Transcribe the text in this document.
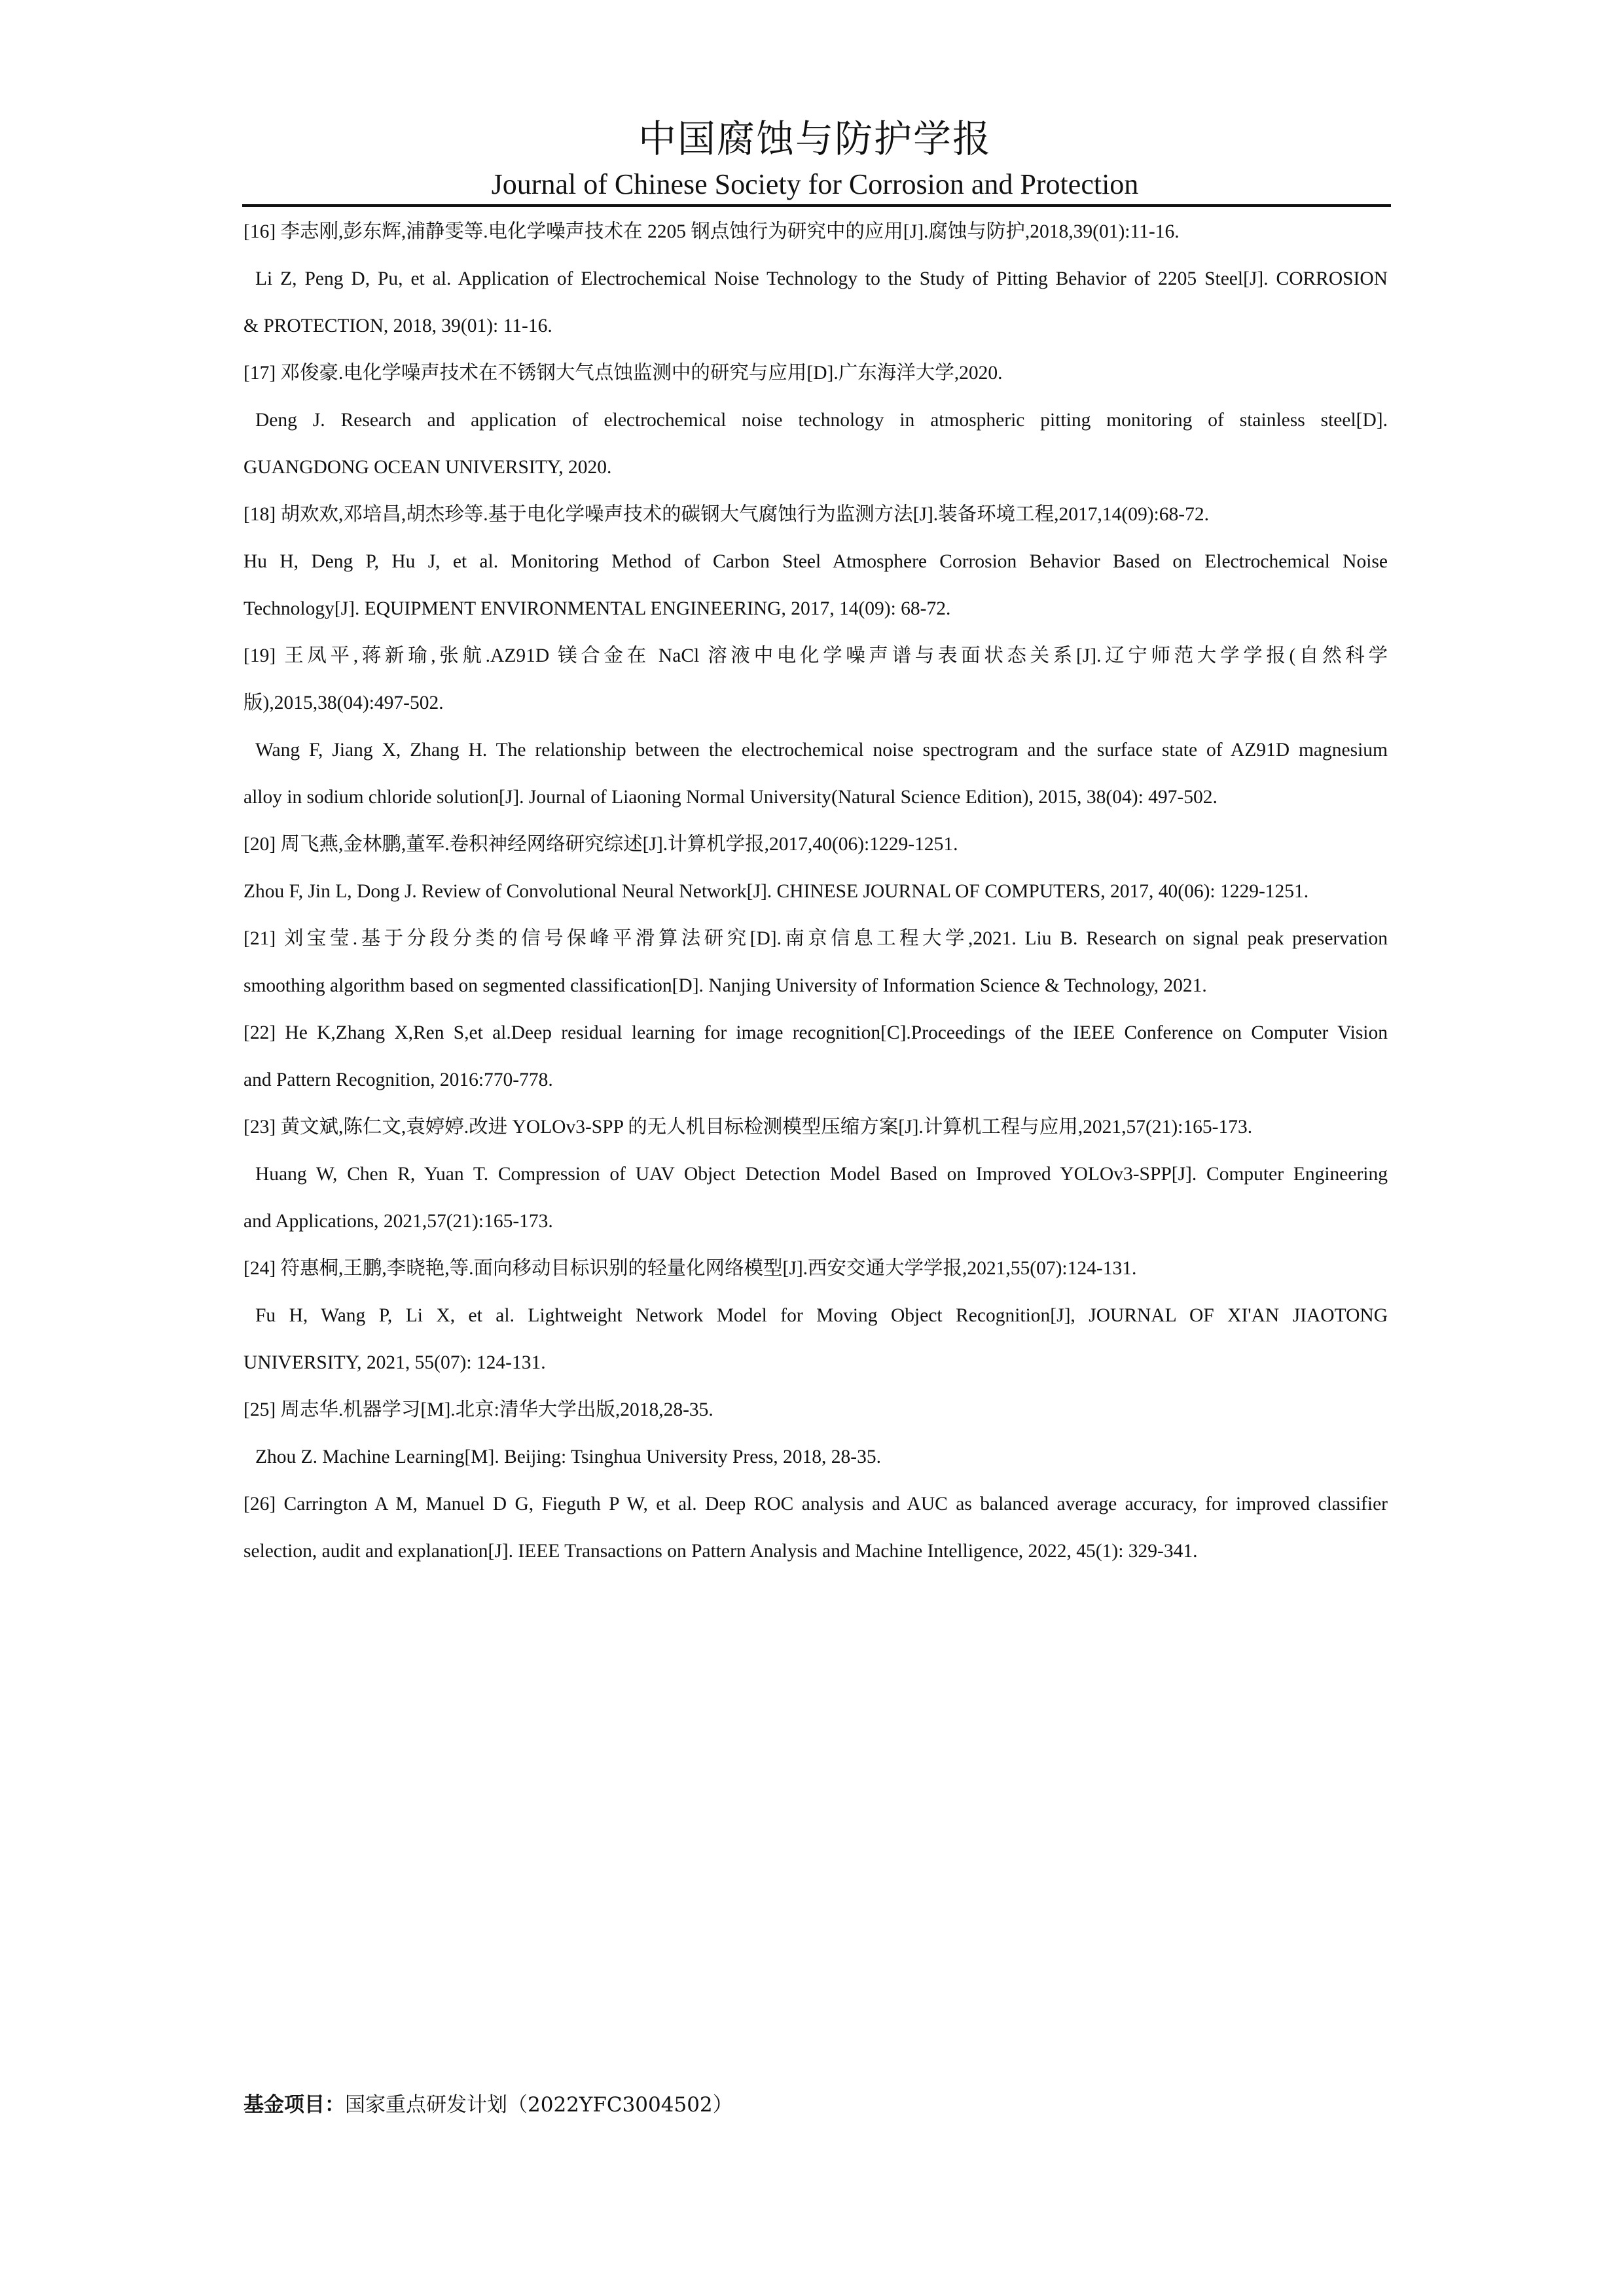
中国腐蚀与防护学报
Journal of Chinese Society for Corrosion and Protection
[16] 李志刚,彭东辉,浦静雯等.电化学噪声技术在 2205 钢点蚀行为研究中的应用[J].腐蚀与防护,2018,39(01):11-16.
Li Z, Peng D, Pu, et al. Application of Electrochemical Noise Technology to the Study of Pitting Behavior of 2205 Steel[J]. CORROSION
& PROTECTION, 2018, 39(01): 11-16.
[17] 邓俊豪.电化学噪声技术在不锈钢大气点蚀监测中的研究与应用[D].广东海洋大学,2020.
Deng J. Research and application of electrochemical noise technology in atmospheric pitting monitoring of stainless steel[D].
GUANGDONG OCEAN UNIVERSITY, 2020.
[18] 胡欢欢,邓培昌,胡杰珍等.基于电化学噪声技术的碳钢大气腐蚀行为监测方法[J].装备环境工程,2017,14(09):68-72.
Hu H, Deng P, Hu J, et al. Monitoring Method of Carbon Steel Atmosphere Corrosion Behavior Based on Electrochemical Noise
Technology[J]. EQUIPMENT ENVIRONMENTAL ENGINEERING, 2017, 14(09): 68-72.
[19] 王凤平,蒋新瑜,张航.AZ91D 镁合金在 NaCl 溶液中电化学噪声谱与表面状态关系[J].辽宁师范大学学报(自然科学
版),2015,38(04):497-502.
Wang F, Jiang X, Zhang H. The relationship between the electrochemical noise spectrogram and the surface state of AZ91D magnesium
alloy in sodium chloride solution[J]. Journal of Liaoning Normal University(Natural Science Edition), 2015, 38(04): 497-502.
[20] 周飞燕,金林鹏,董军.卷积神经网络研究综述[J].计算机学报,2017,40(06):1229-1251.
Zhou F, Jin L, Dong J. Review of Convolutional Neural Network[J]. CHINESE JOURNAL OF COMPUTERS, 2017, 40(06): 1229-1251.
[21] 刘宝莹.基于分段分类的信号保峰平滑算法研究[D].南京信息工程大学,2021. Liu B. Research on signal peak preservation
smoothing algorithm based on segmented classification[D]. Nanjing University of Information Science & Technology, 2021.
[22] He K,Zhang X,Ren S,et al.Deep residual learning for image recognition[C].Proceedings of the IEEE Conference on Computer Vision
and Pattern Recognition, 2016:770-778.
[23] 黄文斌,陈仁文,袁婷婷.改进 YOLOv3-SPP 的无人机目标检测模型压缩方案[J].计算机工程与应用,2021,57(21):165-173.
Huang W, Chen R, Yuan T. Compression of UAV Object Detection Model Based on Improved YOLOv3-SPP[J]. Computer Engineering
and Applications, 2021,57(21):165-173.
[24] 符惠桐,王鹏,李晓艳,等.面向移动目标识别的轻量化网络模型[J].西安交通大学学报,2021,55(07):124-131.
Fu H, Wang P, Li X, et al. Lightweight Network Model for Moving Object Recognition[J], JOURNAL OF XI'AN JIAOTONG
UNIVERSITY, 2021, 55(07): 124-131.
[25] 周志华.机器学习[M].北京:清华大学出版,2018,28-35.
Zhou Z. Machine Learning[M]. Beijing: Tsinghua University Press, 2018, 28-35.
[26] Carrington A M, Manuel D G, Fieguth P W, et al. Deep ROC analysis and AUC as balanced average accuracy, for improved classifier
selection, audit and explanation[J]. IEEE Transactions on Pattern Analysis and Machine Intelligence, 2022, 45(1): 329-341.
基金项目：国家重点研发计划（2022YFC3004502）
